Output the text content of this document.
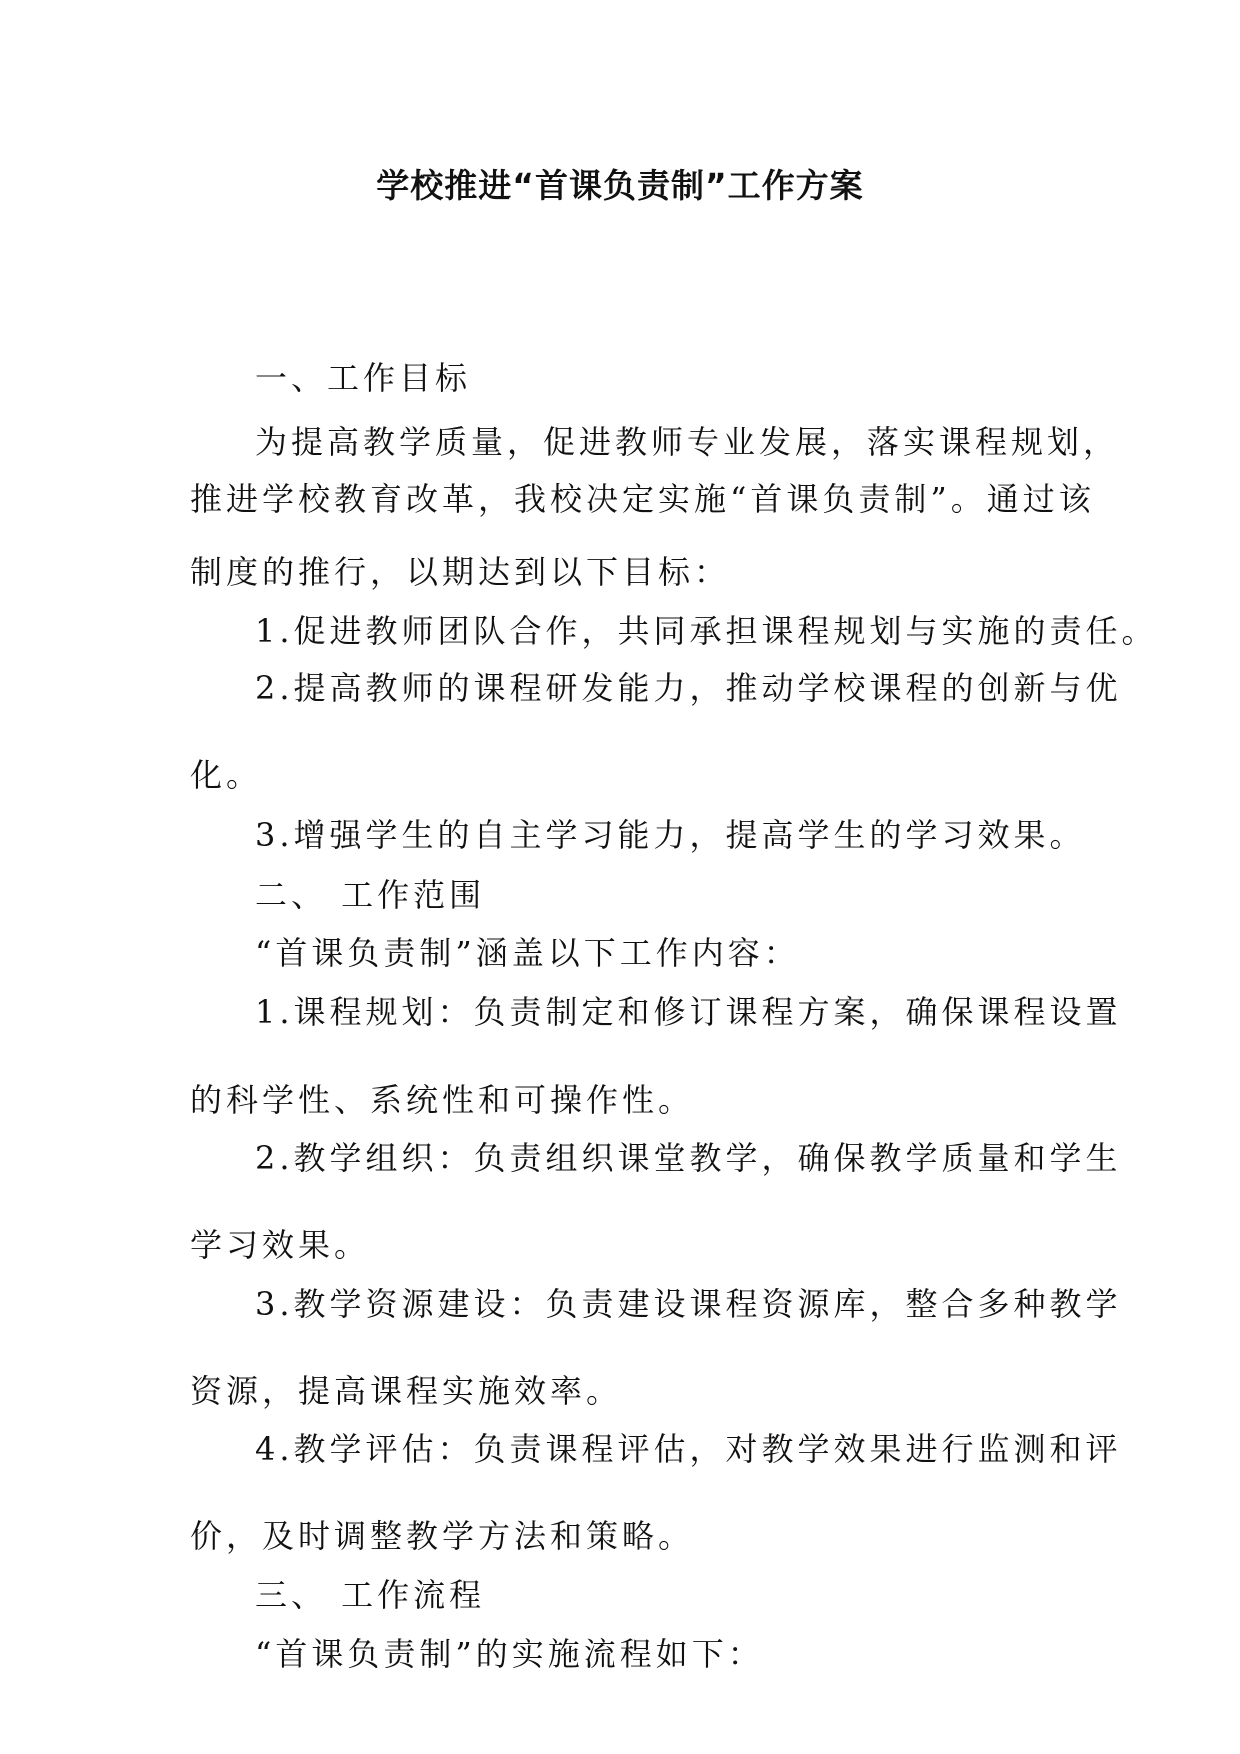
学校推进“首课负责制”工作方案
一、工作目标
为提高教学质量，促进教师专业发展，落实课程规划，
推进学校教育改革，我校决定实施“首课负责制”。通过该
制度的推行，以期达到以下目标：
1.促进教师团队合作，共同承担课程规划与实施的责任。
2.提高教师的课程研发能力，推动学校课程的创新与优
化。
3.增强学生的自主学习能力，提高学生的学习效果。
二、 工作范围
“首课负责制”涵盖以下工作内容：
1.课程规划：负责制定和修订课程方案，确保课程设置
的科学性、系统性和可操作性。
2.教学组织：负责组织课堂教学，确保教学质量和学生
学习效果。
3.教学资源建设：负责建设课程资源库，整合多种教学
资源，提高课程实施效率。
4.教学评估：负责课程评估，对教学效果进行监测和评
价，及时调整教学方法和策略。
三、 工作流程
“首课负责制”的实施流程如下：
